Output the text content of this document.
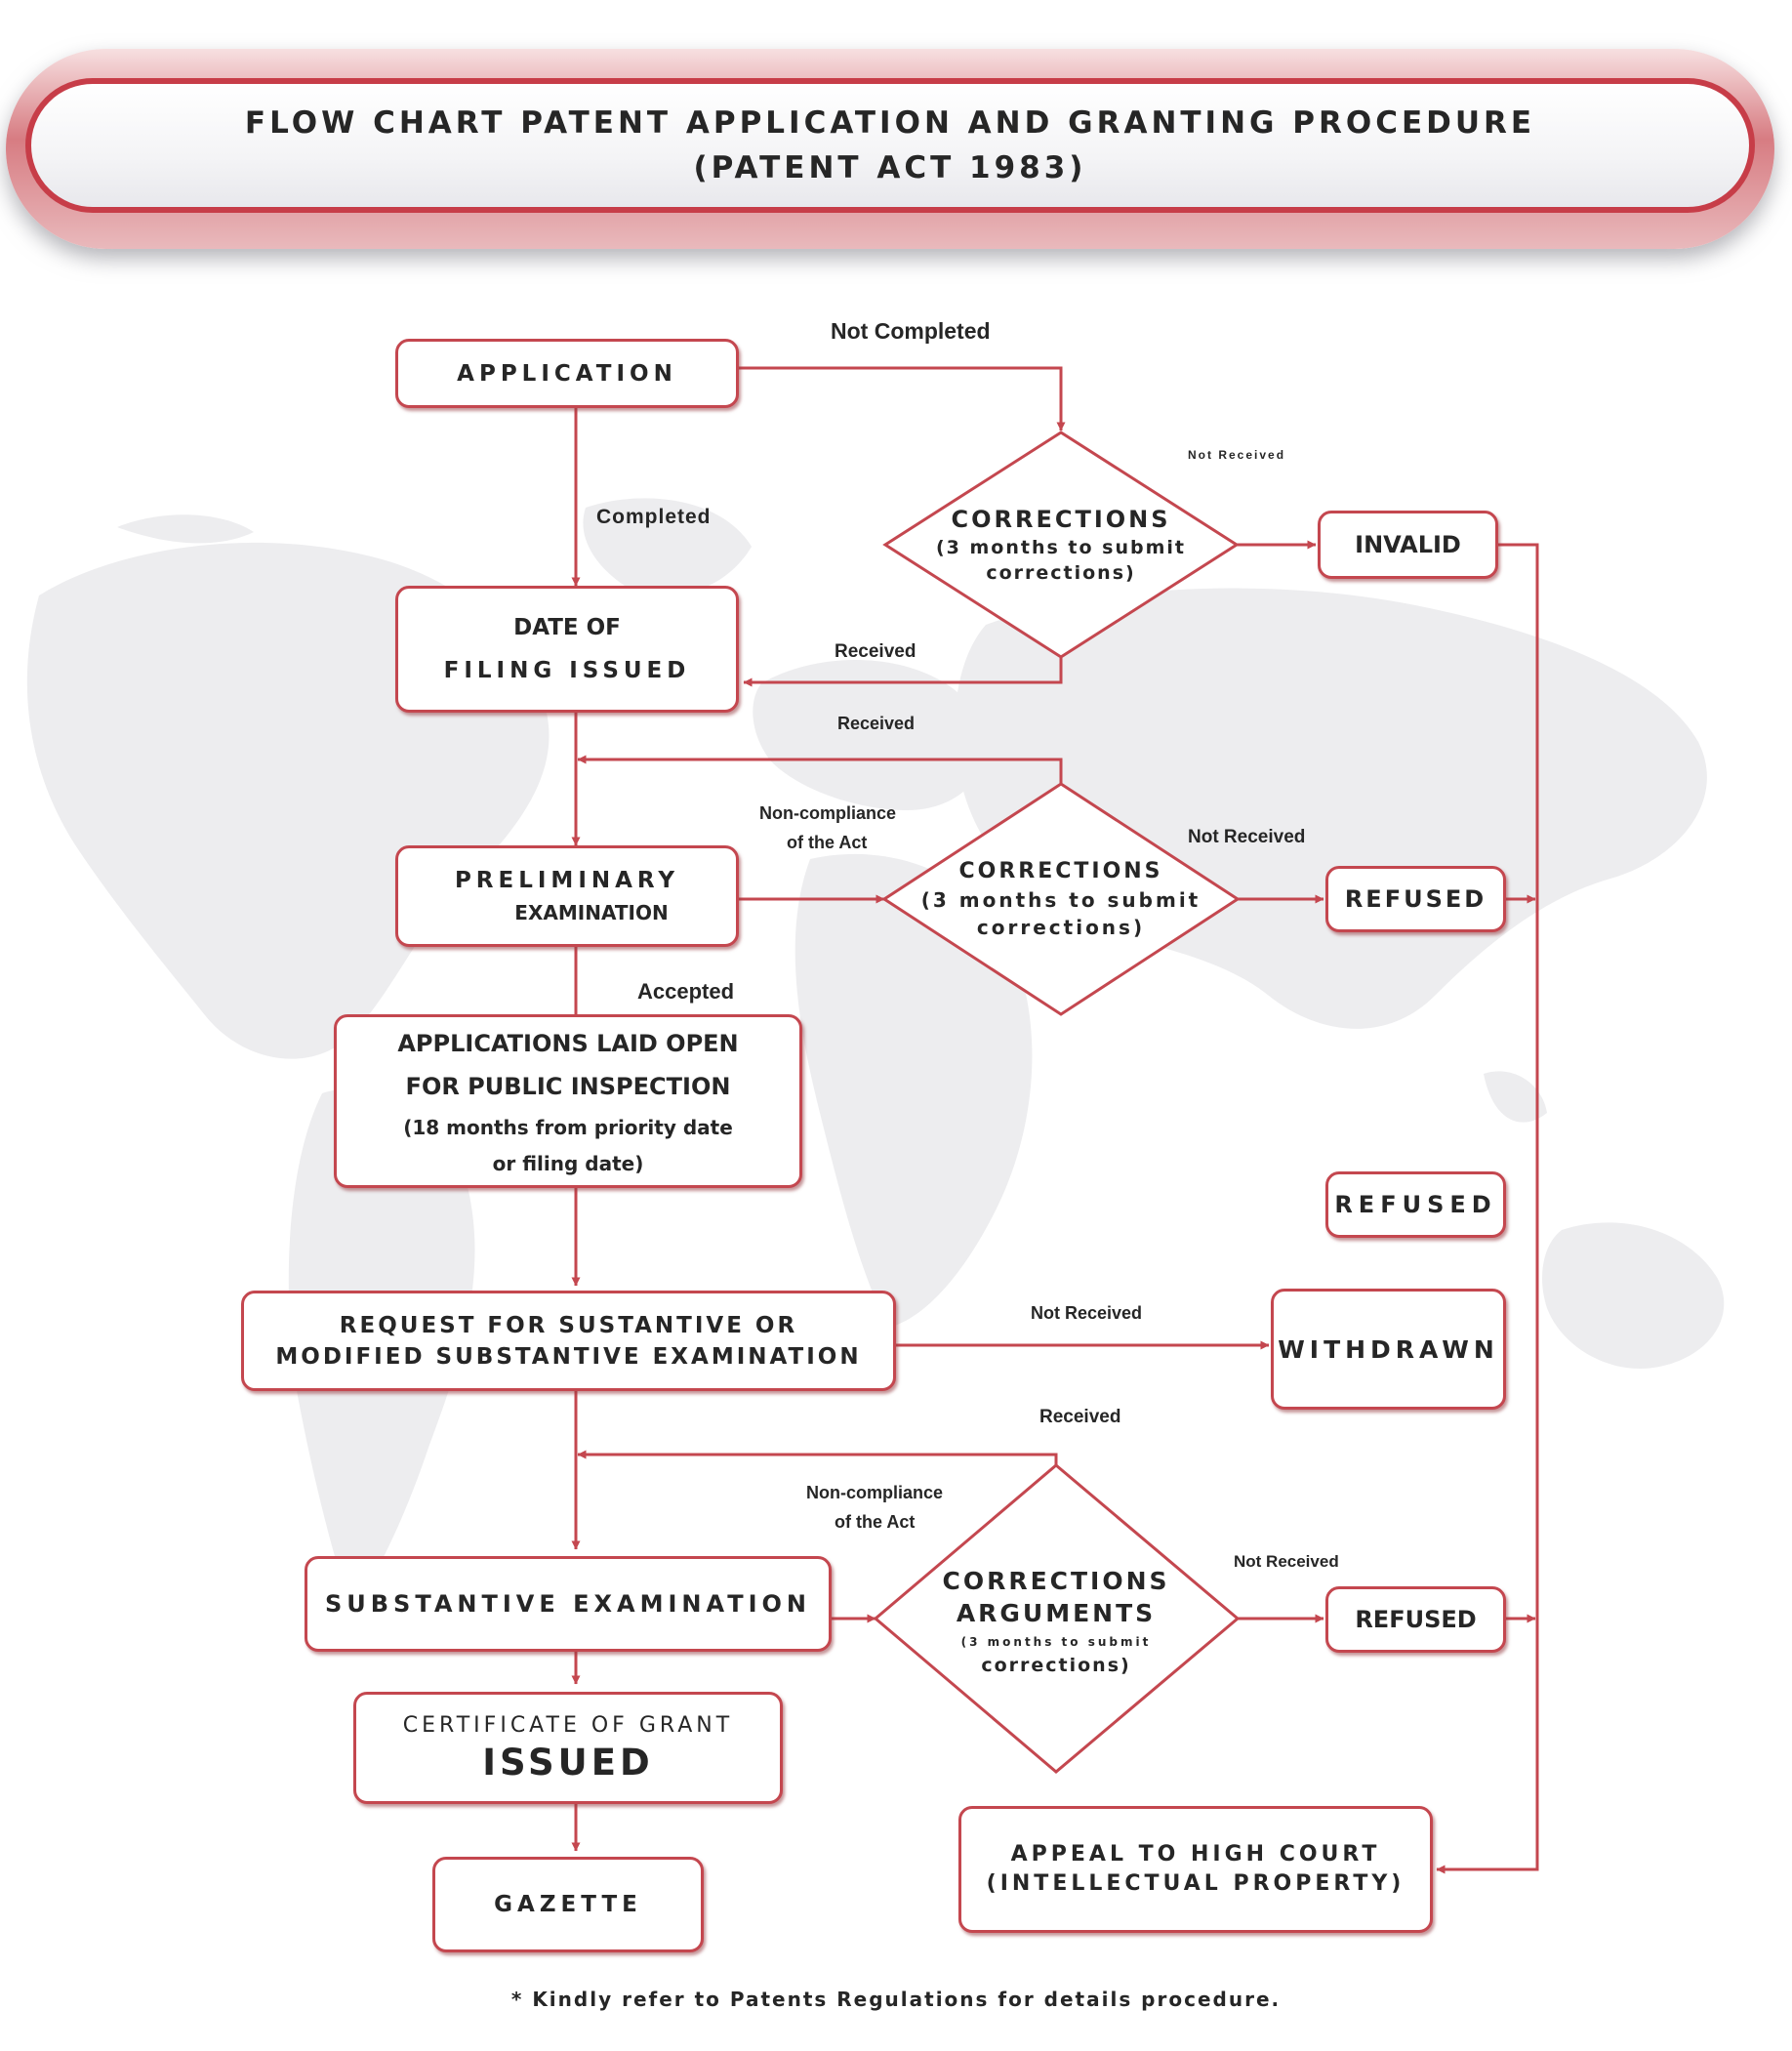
FLOW CHART PATENT APPLICATION AND GRANTING PROCEDURE
(PATENT ACT 1983)
APPLICATION
DATE OF
FILING ISSUED
PRELIMINARY
EXAMINATION
APPLICATIONS LAID OPEN
FOR PUBLIC INSPECTION
(18 months from priority date
or filing date)
REQUEST FOR SUSTANTIVE OR
MODIFIED SUBSTANTIVE EXAMINATION
SUBSTANTIVE EXAMINATION
CERTIFICATE OF GRANT
ISSUED
GAZETTE
INVALID
REFUSED
REFUSED
WITHDRAWN
REFUSED
APPEAL TO HIGH COURT
(INTELLECTUAL PROPERTY)
CORRECTIONS
(3 months to submit
corrections)
CORRECTIONS
(3 months to submit
corrections)
CORRECTIONS
ARGUMENTS
(3 months to submit
corrections)
Not Completed
Completed
Not Received
Received
Received
Non-compliance
of the Act	Not Received
Accepted
Not Received
Received
Non-compliance
of the Act
Not Received
* Kindly refer to Patents Regulations for details procedure.
